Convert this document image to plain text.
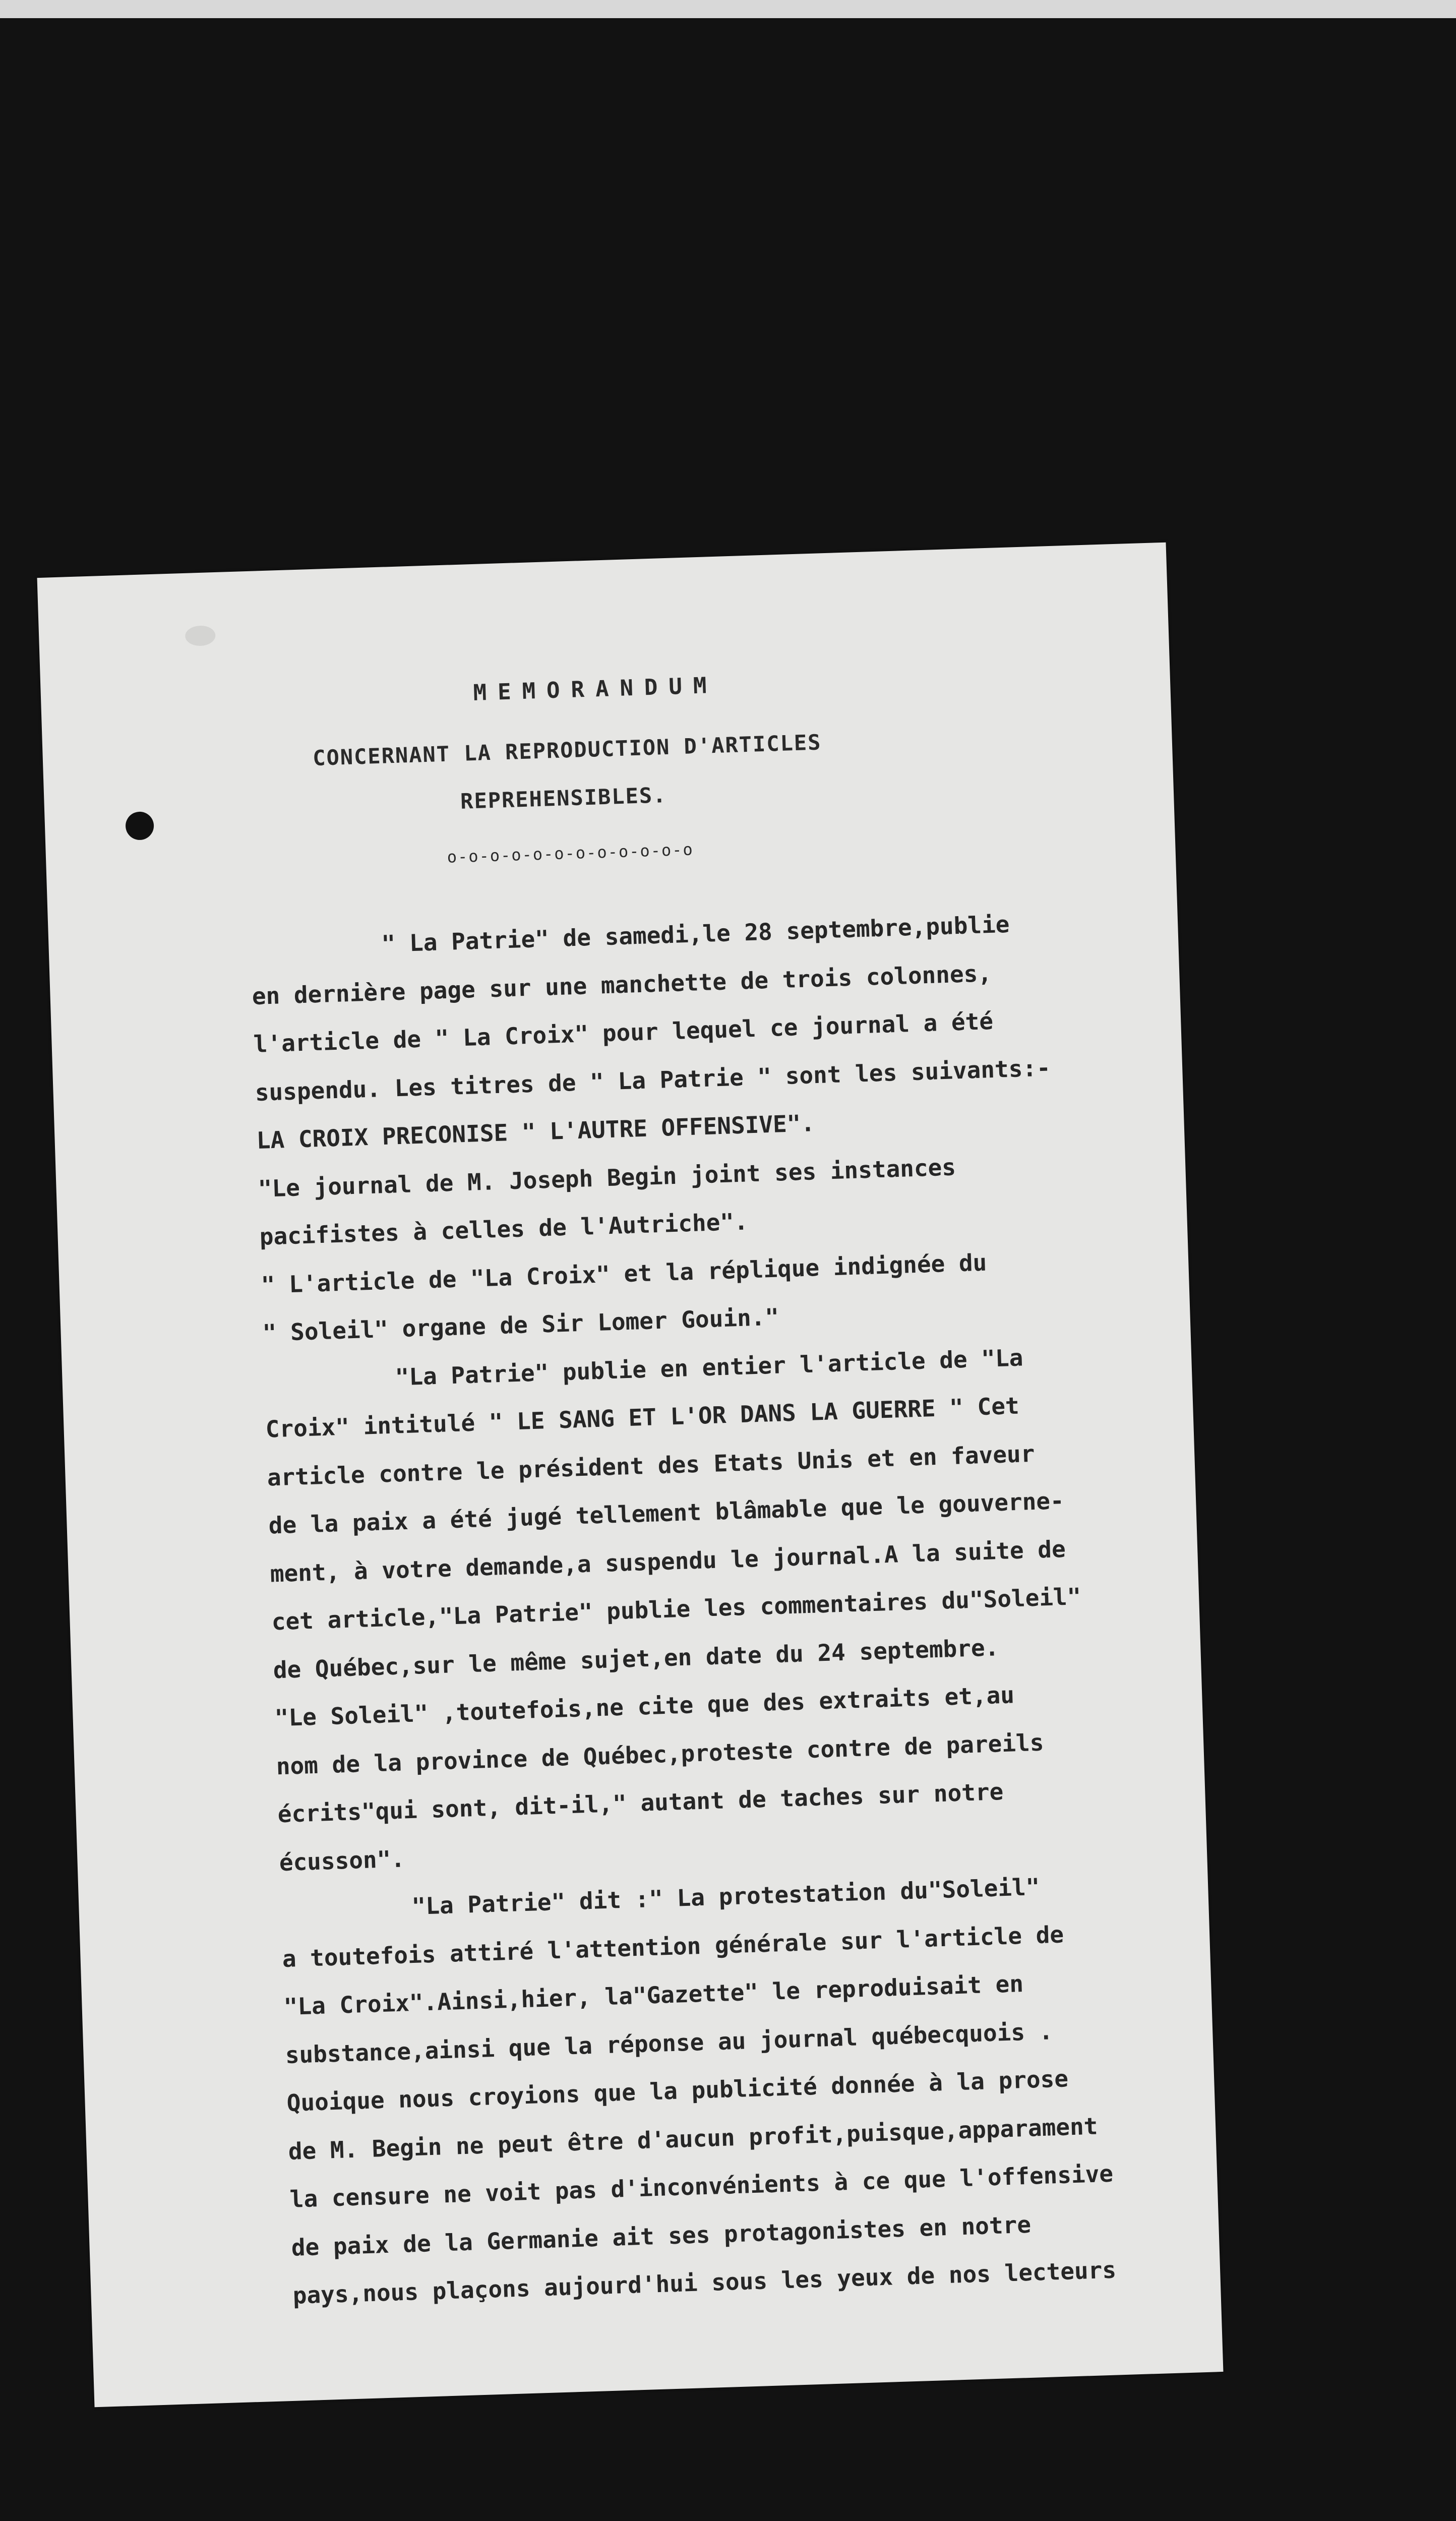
MEMORANDUM
CONCERNANT LA REPRODUCTION D'ARTICLES
REPREHENSIBLES.
o-o-o-o-o-o-o-o-o-o-o-o
" La Patrie" de samedi,le 28 septembre,publie
en dernière page sur une manchette de trois colonnes,
l'article de " La Croix" pour lequel ce journal a été
suspendu. Les titres de " La Patrie " sont les suivants:-
LA CROIX PRECONISE " L'AUTRE OFFENSIVE".
"Le journal de M. Joseph Begin joint ses instances
pacifistes à celles de l'Autriche".
" L'article de "La Croix" et la réplique indignée du
" Soleil" organe de Sir Lomer Gouin."
"La Patrie" publie en entier l'article de "La
Croix" intitulé " LE SANG ET L'OR DANS LA GUERRE " Cet
article contre le président des Etats Unis et en faveur
de la paix a été jugé tellement blâmable que le gouverne-
ment, à votre demande,a suspendu le journal.A la suite de
cet article,"La Patrie" publie les commentaires du"Soleil"
de Québec,sur le même sujet,en date du 24 septembre.
"Le Soleil" ,toutefois,ne cite que des extraits et,au
nom de la province de Québec,proteste contre de pareils
écrits"qui sont, dit-il," autant de taches sur notre
écusson".
"La Patrie" dit :" La protestation du"Soleil"
a toutefois attiré l'attention générale sur l'article de
"La Croix".Ainsi,hier, la"Gazette" le reproduisait en
substance,ainsi que la réponse au journal québecquois .
Quoique nous croyions que la publicité donnée à la prose
de M. Begin ne peut être d'aucun profit,puisque,apparament
la censure ne voit pas d'inconvénients à ce que l'offensive
de paix de la Germanie ait ses protagonistes en notre
pays,nous plaçons aujourd'hui sous les yeux de nos lecteurs
